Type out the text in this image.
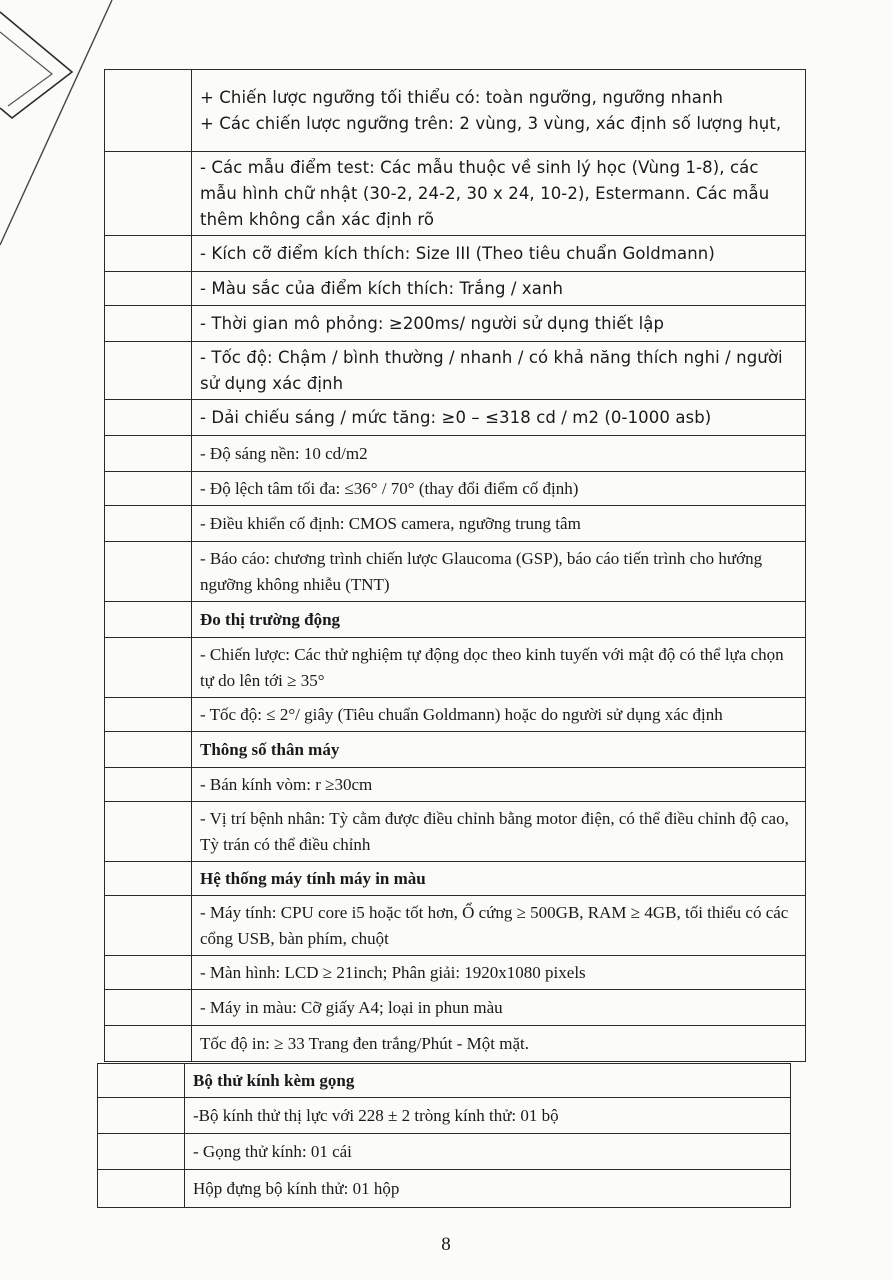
	+ Chiến lược ngưỡng tối thiểu có: toàn ngưỡng, ngưỡng nhanh
+ Các chiến lược ngưỡng trên: 2 vùng, 3 vùng, xác định số lượng hụt,

	- Các mẫu điểm test: Các mẫu thuộc về sinh lý học (Vùng 1-8), các mẫu hình chữ nhật (30-2, 24-2, 30 x 24, 10-2), Estermann. Các mẫu thêm không cần xác định rõ

	- Kích cỡ điểm kích thích: Size III (Theo tiêu chuẩn Goldmann)

	- Màu sắc của điểm kích thích: Trắng / xanh

	- Thời gian mô phỏng: ≥200ms/ người sử dụng thiết lập

	- Tốc độ: Chậm / bình thường / nhanh / có khả năng thích nghi / người sử dụng xác định

	- Dải chiếu sáng / mức tăng: ≥0 – ≤318 cd / m2 (0-1000 asb)

	- Độ sáng nền: 10 cd/m2

	- Độ lệch tâm tối đa: ≤36° / 70° (thay đổi điểm cố định)

	- Điều khiển cố định: CMOS camera, ngưỡng trung tâm

	- Báo cáo: chương trình chiến lược Glaucoma (GSP), báo cáo tiến trình cho hướng ngưỡng không nhiễu (TNT)

	Đo thị trường động

	- Chiến lược: Các thử nghiệm tự động dọc theo kinh tuyến với mật độ có thể lựa chọn tự do lên tới ≥ 35°

	- Tốc độ: ≤ 2°/ giây (Tiêu chuẩn Goldmann) hoặc do người sử dụng xác định

	Thông số thân máy

	- Bán kính vòm: r ≥30cm

	- Vị trí bệnh nhân: Tỳ cằm được điều chỉnh bằng motor điện, có thể điều chỉnh độ cao, Tỳ trán có thể điều chỉnh

	Hệ thống máy tính máy in màu

	- Máy tính: CPU core i5 hoặc tốt hơn, Ổ cứng ≥ 500GB, RAM ≥ 4GB, tối thiểu có các cổng USB, bàn phím, chuột

	- Màn hình: LCD ≥ 21inch; Phân giải: 1920x1080 pixels

	- Máy in màu: Cỡ giấy A4; loại in phun màu

	Tốc độ in: ≥ 33 Trang đen trắng/Phút - Một mặt.

	Bộ thử kính kèm gọng

	-Bộ kính thử thị lực với 228 ± 2 tròng kính thử: 01 bộ

	- Gọng thử kính: 01 cái

	Hộp đựng bộ kính thử: 01 hộp
8
